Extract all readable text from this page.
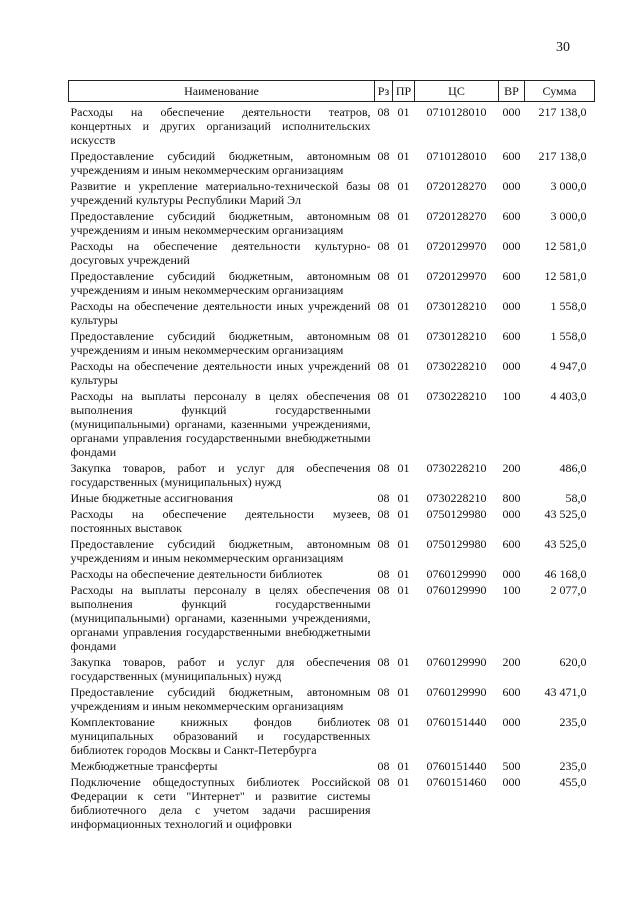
30
Наименование	Рз	ПР	ЦС	ВР	Сумма
Расходы на обеспечение деятельности театров, концертных и других организаций исполнительских искусств	08	01	0710128010	000	217 138,0
Предоставление субсидий бюджетным, автономным учреждениям и иным некоммерческим организациям	08	01	0710128010	600	217 138,0
Развитие и укрепление материально-технической базы учреждений культуры Республики Марий Эл	08	01	0720128270	000	3 000,0
Предоставление субсидий бюджетным, автономным учреждениям и иным некоммерческим организациям	08	01	0720128270	600	3 000,0
Расходы на обеспечение деятельности культурно-досуговых учреждений	08	01	0720129970	000	12 581,0
Предоставление субсидий бюджетным, автономным учреждениям и иным некоммерческим организациям	08	01	0720129970	600	12 581,0
Расходы на обеспечение деятельности иных учреждений культуры	08	01	0730128210	000	1 558,0
Предоставление субсидий бюджетным, автономным учреждениям и иным некоммерческим организациям	08	01	0730128210	600	1 558,0
Расходы на обеспечение деятельности иных учреждений культуры	08	01	0730228210	000	4 947,0
Расходы на выплаты персоналу в целях обеспечения выполнения функций государственными (муниципальными) органами, казенными учреждениями, органами управления государственными внебюджетными фондами	08	01	0730228210	100	4 403,0
Закупка товаров, работ и услуг для обеспечения государственных (муниципальных) нужд	08	01	0730228210	200	486,0
Иные бюджетные ассигнования	08	01	0730228210	800	58,0
Расходы на обеспечение деятельности музеев, постоянных выставок	08	01	0750129980	000	43 525,0
Предоставление субсидий бюджетным, автономным учреждениям и иным некоммерческим организациям	08	01	0750129980	600	43 525,0
Расходы на обеспечение деятельности библиотек	08	01	0760129990	000	46 168,0
Расходы на выплаты персоналу в целях обеспечения выполнения функций государственными (муниципальными) органами, казенными учреждениями, органами управления государственными внебюджетными фондами	08	01	0760129990	100	2 077,0
Закупка товаров, работ и услуг для обеспечения государственных (муниципальных) нужд	08	01	0760129990	200	620,0
Предоставление субсидий бюджетным, автономным учреждениям и иным некоммерческим организациям	08	01	0760129990	600	43 471,0
Комплектование книжных фондов библиотек муниципальных образований и государственных библиотек городов Москвы и Санкт-Петербурга	08	01	0760151440	000	235,0
Межбюджетные трансферты	08	01	0760151440	500	235,0
Подключение общедоступных библиотек Российской Федерации к сети "Интернет" и развитие системы библиотечного дела с учетом задачи расширения информационных технологий и оцифровки	08	01	0760151460	000	455,0
